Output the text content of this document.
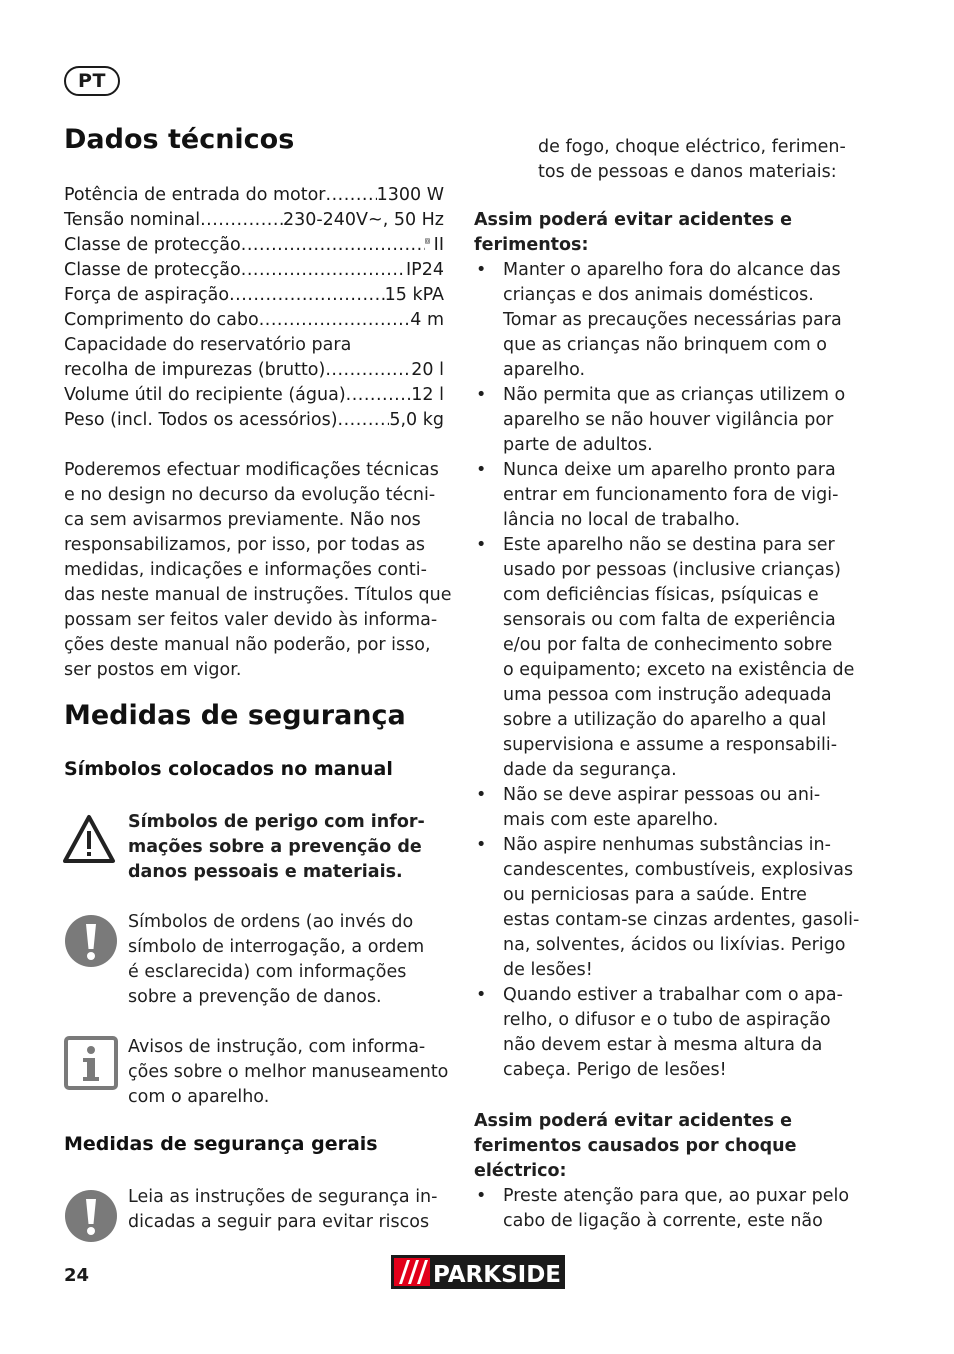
PT
Dados técnicos
Potência de entrada do motor .....	1300 W
Tensão nominal .....	230-240V~, 50 Hz
Classe de protecção .....	II
Classe de protecção .....	IP24
Força de aspiração .....	15 kPA
Comprimento do cabo .....	4 m
Capacidade do reservatório para
recolha de impurezas (brutto) .....	20 l
Volume útil do recipiente (água) .....	12 l
Peso (incl. Todos os acessórios) .....	5,0 kg
Poderemos efectuar modificações técnicas
e no design no decurso da evolução técni-
ca sem avisarmos previamente. Não nos
responsabilizamos, por isso, por todas as
medidas, indicações e informações conti-
das neste manual de instruções. Títulos que
possam ser feitos valer devido às informa-
ções deste manual não poderão, por isso,
ser postos em vigor.
Medidas de segurança
Símbolos colocados no manual
Símbolos de perigo com infor-
mações sobre a prevenção de
danos pessoais e materiais.
Símbolos de ordens (ao invés do
símbolo de interrogação, a ordem
é esclarecida) com informações
sobre a prevenção de danos.
Avisos de instrução, com informa-
ções sobre o melhor manuseamento
com o aparelho.
Medidas de segurança gerais
Leia as instruções de segurança in-
dicadas a seguir para evitar riscos
de fogo, choque eléctrico, ferimen-
tos de pessoas e danos materiais:
Assim poderá evitar acidentes e
ferimentos:
• Manter o aparelho fora do alcance das
crianças e dos animais domésticos.
Tomar as precauções necessárias para
que as crianças não brinquem com o
aparelho.
• Não permita que as crianças utilizem o
aparelho se não houver vigilância por
parte de adultos.
• Nunca deixe um aparelho pronto para
entrar em funcionamento fora de vigi-
lância no local de trabalho.
• Este aparelho não se destina para ser
usado por pessoas (inclusive crianças)
com deficiências físicas, psíquicas e
sensorais ou com falta de experiência
e/ou por falta de conhecimento sobre
o equipamento; exceto na existência de
uma pessoa com instrução adequada
sobre a utilização do aparelho a qual
supervisiona e assume a responsabili-
dade da segurança.
• Não se deve aspirar pessoas ou ani-
mais com este aparelho.
• Não aspire nenhumas substâncias in-
candescentes, combustíveis, explosivas
ou perniciosas para a saúde. Entre
estas contam-se cinzas ardentes, gasoli-
na, solventes, ácidos ou lixívias. Perigo
de lesões!
• Quando estiver a trabalhar com o apa-
relho, o difusor e o tubo de aspiração
não devem estar à mesma altura da
cabeça. Perigo de lesões!
Assim poderá evitar acidentes e
ferimentos causados por choque
eléctrico:
• Preste atenção para que, ao puxar pelo
cabo de ligação à corrente, este não
24	PARKSIDE
